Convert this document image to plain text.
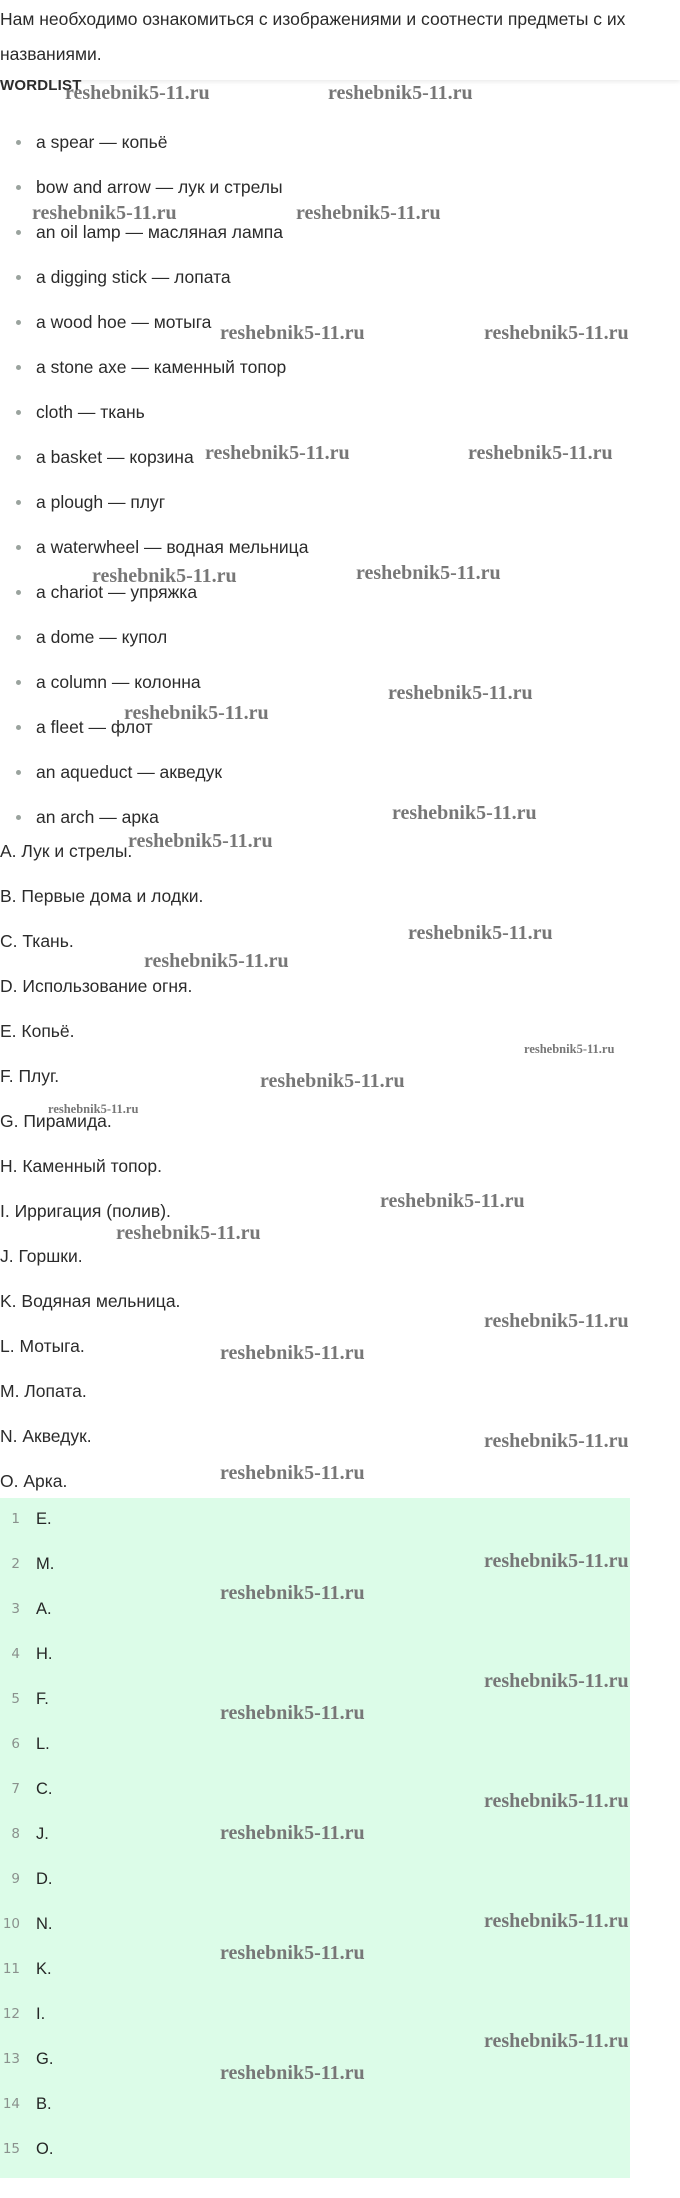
Нам необходимо ознакомиться с изображениями и соотнести предметы с их названиями.
WORDLIST
a spear — копьё
bow and arrow — лук и стрелы
an oil lamp — масляная лампа
a digging stick — лопата
a wood hoe — мотыга
a stone axe — каменный топор
cloth — ткань
a basket — корзина
a plough — плуг
a waterwheel — водная мельница
a chariot — упряжка
a dome — купол
a column — колонна
a fleet — флот
an aqueduct — акведук
an arch — арка
A. Лук и стрелы.
B. Первые дома и лодки.
C. Ткань.
D. Использование огня.
E. Копьё.
F. Плуг.
G. Пирамида.
H. Каменный топор.
I. Ирригация (полив).
J. Горшки.
K. Водяная мельница.
L. Мотыга.
M. Лопата.
N. Акведук.
O. Арка.
1 E.
2 M.
3 A.
4 H.
5 F.
6 L.
7 C.
8 J.
9 D.
10 N.
11 K.
12 I.
13 G.
14 B.
15 O.
reshebnik5-11.ru	reshebnik5-11.ru
reshebnik5-11.ru	reshebnik5-11.ru
reshebnik5-11.ru	reshebnik5-11.ru
reshebnik5-11.ru	reshebnik5-11.ru
reshebnik5-11.ru	reshebnik5-11.ru
reshebnik5-11.ru
reshebnik5-11.ru
reshebnik5-11.ru
reshebnik5-11.ru
reshebnik5-11.ru
reshebnik5-11.ru
reshebnik5-11.ru
reshebnik5-11.ru
reshebnik5-11.ru
reshebnik5-11.ru
reshebnik5-11.ru
reshebnik5-11.ru
reshebnik5-11.ru
reshebnik5-11.ru
reshebnik5-11.ru
reshebnik5-11.ru
reshebnik5-11.ru
reshebnik5-11.ru
reshebnik5-11.ru
reshebnik5-11.ru
reshebnik5-11.ru
reshebnik5-11.ru
reshebnik5-11.ru
reshebnik5-11.ru
reshebnik5-11.ru
